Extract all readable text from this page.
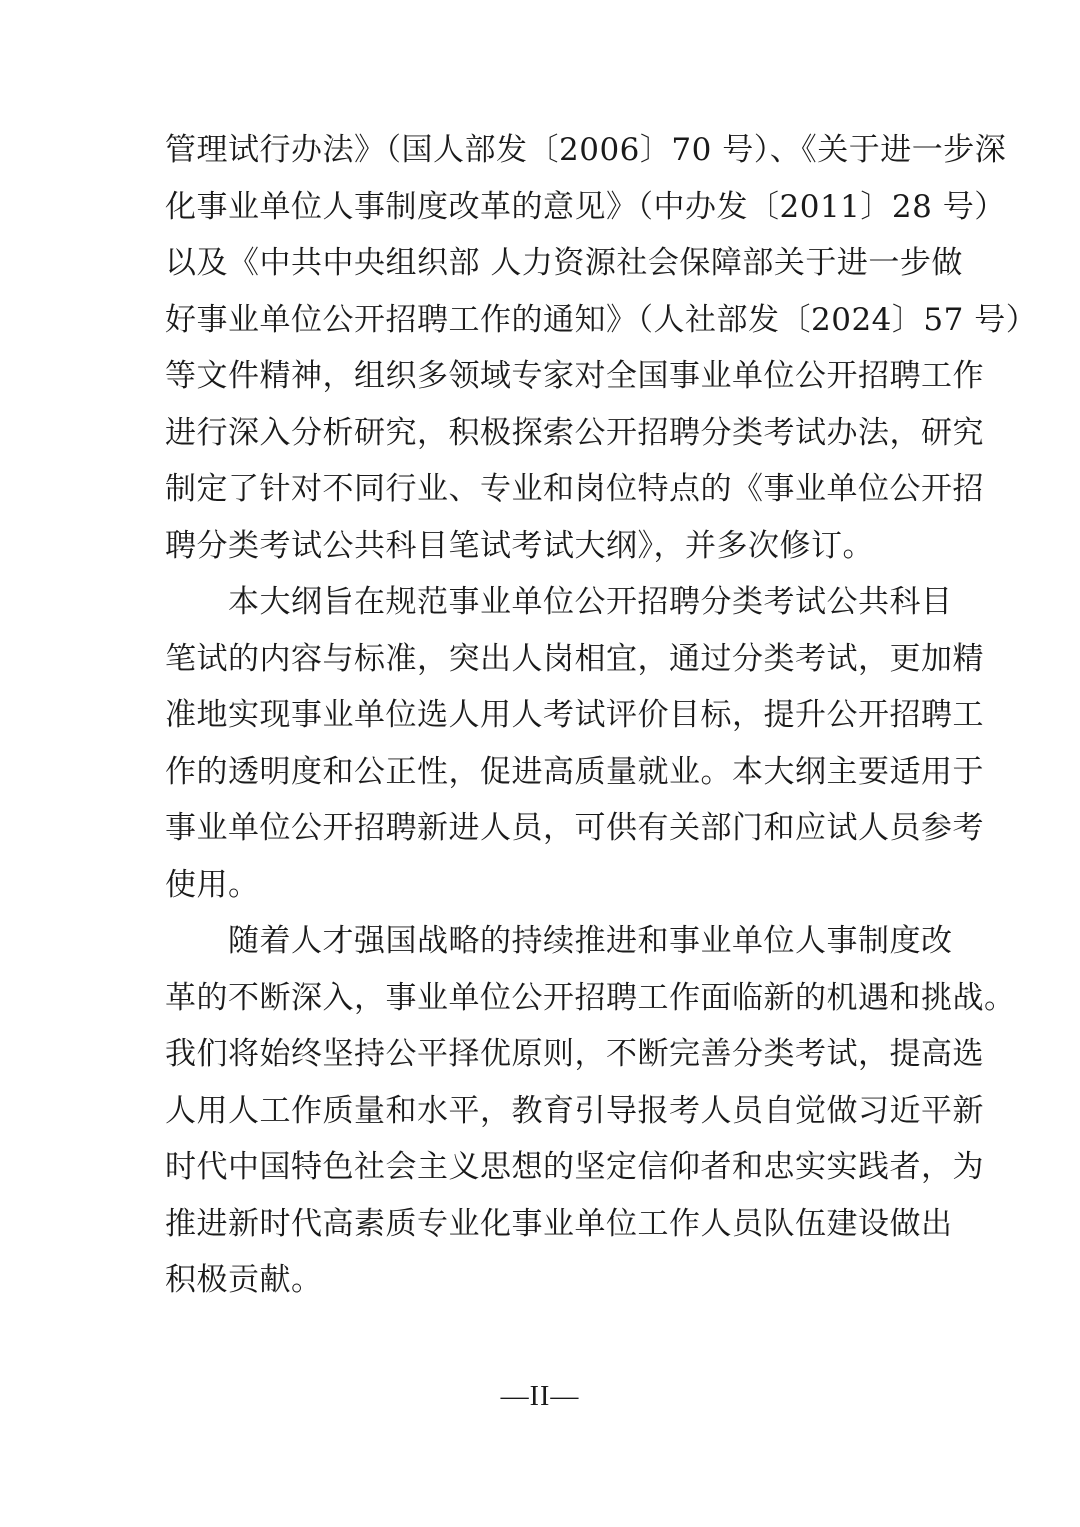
管理试行办法》（国人部发〔2006〕70 号）、《关于进一步深
化事业单位人事制度改革的意见》（中办发〔2011〕28 号）
以及《中共中央组织部 人力资源社会保障部关于进一步做
好事业单位公开招聘工作的通知》（人社部发〔2024〕57 号）
等文件精神，组织多领域专家对全国事业单位公开招聘工作
进行深入分析研究，积极探索公开招聘分类考试办法，研究
制定了针对不同行业、专业和岗位特点的《事业单位公开招
聘分类考试公共科目笔试考试大纲》，并多次修订。
　　本大纲旨在规范事业单位公开招聘分类考试公共科目
笔试的内容与标准，突出人岗相宜，通过分类考试，更加精
准地实现事业单位选人用人考试评价目标，提升公开招聘工
作的透明度和公正性，促进高质量就业。本大纲主要适用于
事业单位公开招聘新进人员，可供有关部门和应试人员参考
使用。
　　随着人才强国战略的持续推进和事业单位人事制度改
革的不断深入，事业单位公开招聘工作面临新的机遇和挑战。
我们将始终坚持公平择优原则，不断完善分类考试，提高选
人用人工作质量和水平，教育引导报考人员自觉做习近平新
时代中国特色社会主义思想的坚定信仰者和忠实实践者，为
推进新时代高素质专业化事业单位工作人员队伍建设做出
积极贡献。
—II—
